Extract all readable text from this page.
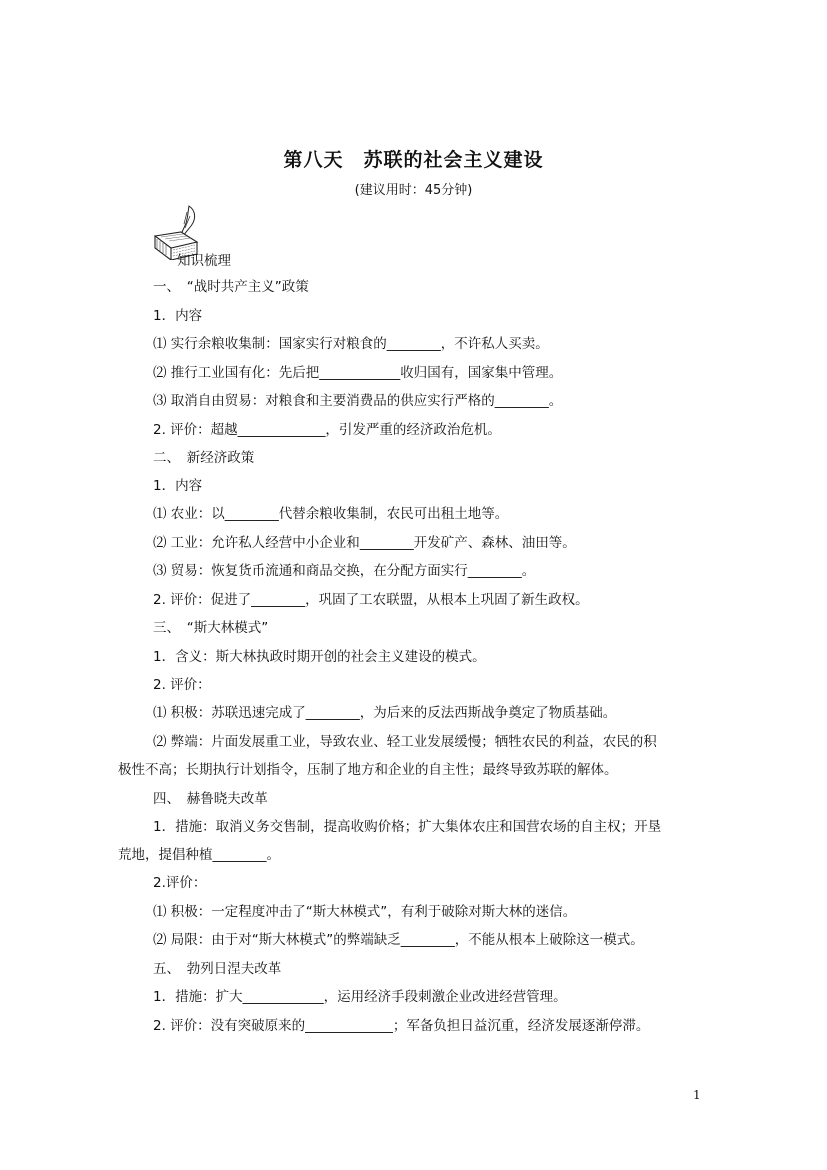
第八天　苏联的社会主义建设
(建议用时：45分钟)
知识梳理
一、　“战时共产主义”政策
1．内容
⑴ 实行余粮收集制：国家实行对粮食的________，不许私人买卖。
⑵ 推行工业国有化：先后把____________收归国有，国家集中管理。
⑶ 取消自由贸易：对粮食和主要消费品的供应实行严格的________。
2. 评价：超越_____________，引发严重的经济政治危机。
二、　新经济政策
1．内容
⑴ 农业：以________代替余粮收集制，农民可出租土地等。
⑵ 工业：允许私人经营中小企业和________开发矿产、森林、油田等。
⑶ 贸易：恢复货币流通和商品交换，在分配方面实行________。
2. 评价：促进了________，巩固了工农联盟，从根本上巩固了新生政权。
三、　“斯大林模式”
1．含义：斯大林执政时期开创的社会主义建设的模式。
2. 评价：
⑴ 积极：苏联迅速完成了________，为后来的反法西斯战争奠定了物质基础。
⑵ 弊端：片面发展重工业，导致农业、轻工业发展缓慢；牺牲农民的利益，农民的积
极性不高；长期执行计划指令，压制了地方和企业的自主性；最终导致苏联的解体。
四、　赫鲁晓夫改革
1．措施：取消义务交售制，提高收购价格；扩大集体农庄和国营农场的自主权；开垦
荒地，提倡种植________。
2.评价：
⑴ 积极：一定程度冲击了“斯大林模式”，有利于破除对斯大林的迷信。
⑵ 局限：由于对“斯大林模式”的弊端缺乏________，不能从根本上破除这一模式。
五、　勃列日涅夫改革
1．措施：扩大____________，运用经济手段刺激企业改进经营管理。
2. 评价：没有突破原来的_____________；军备负担日益沉重，经济发展逐渐停滞。
1
